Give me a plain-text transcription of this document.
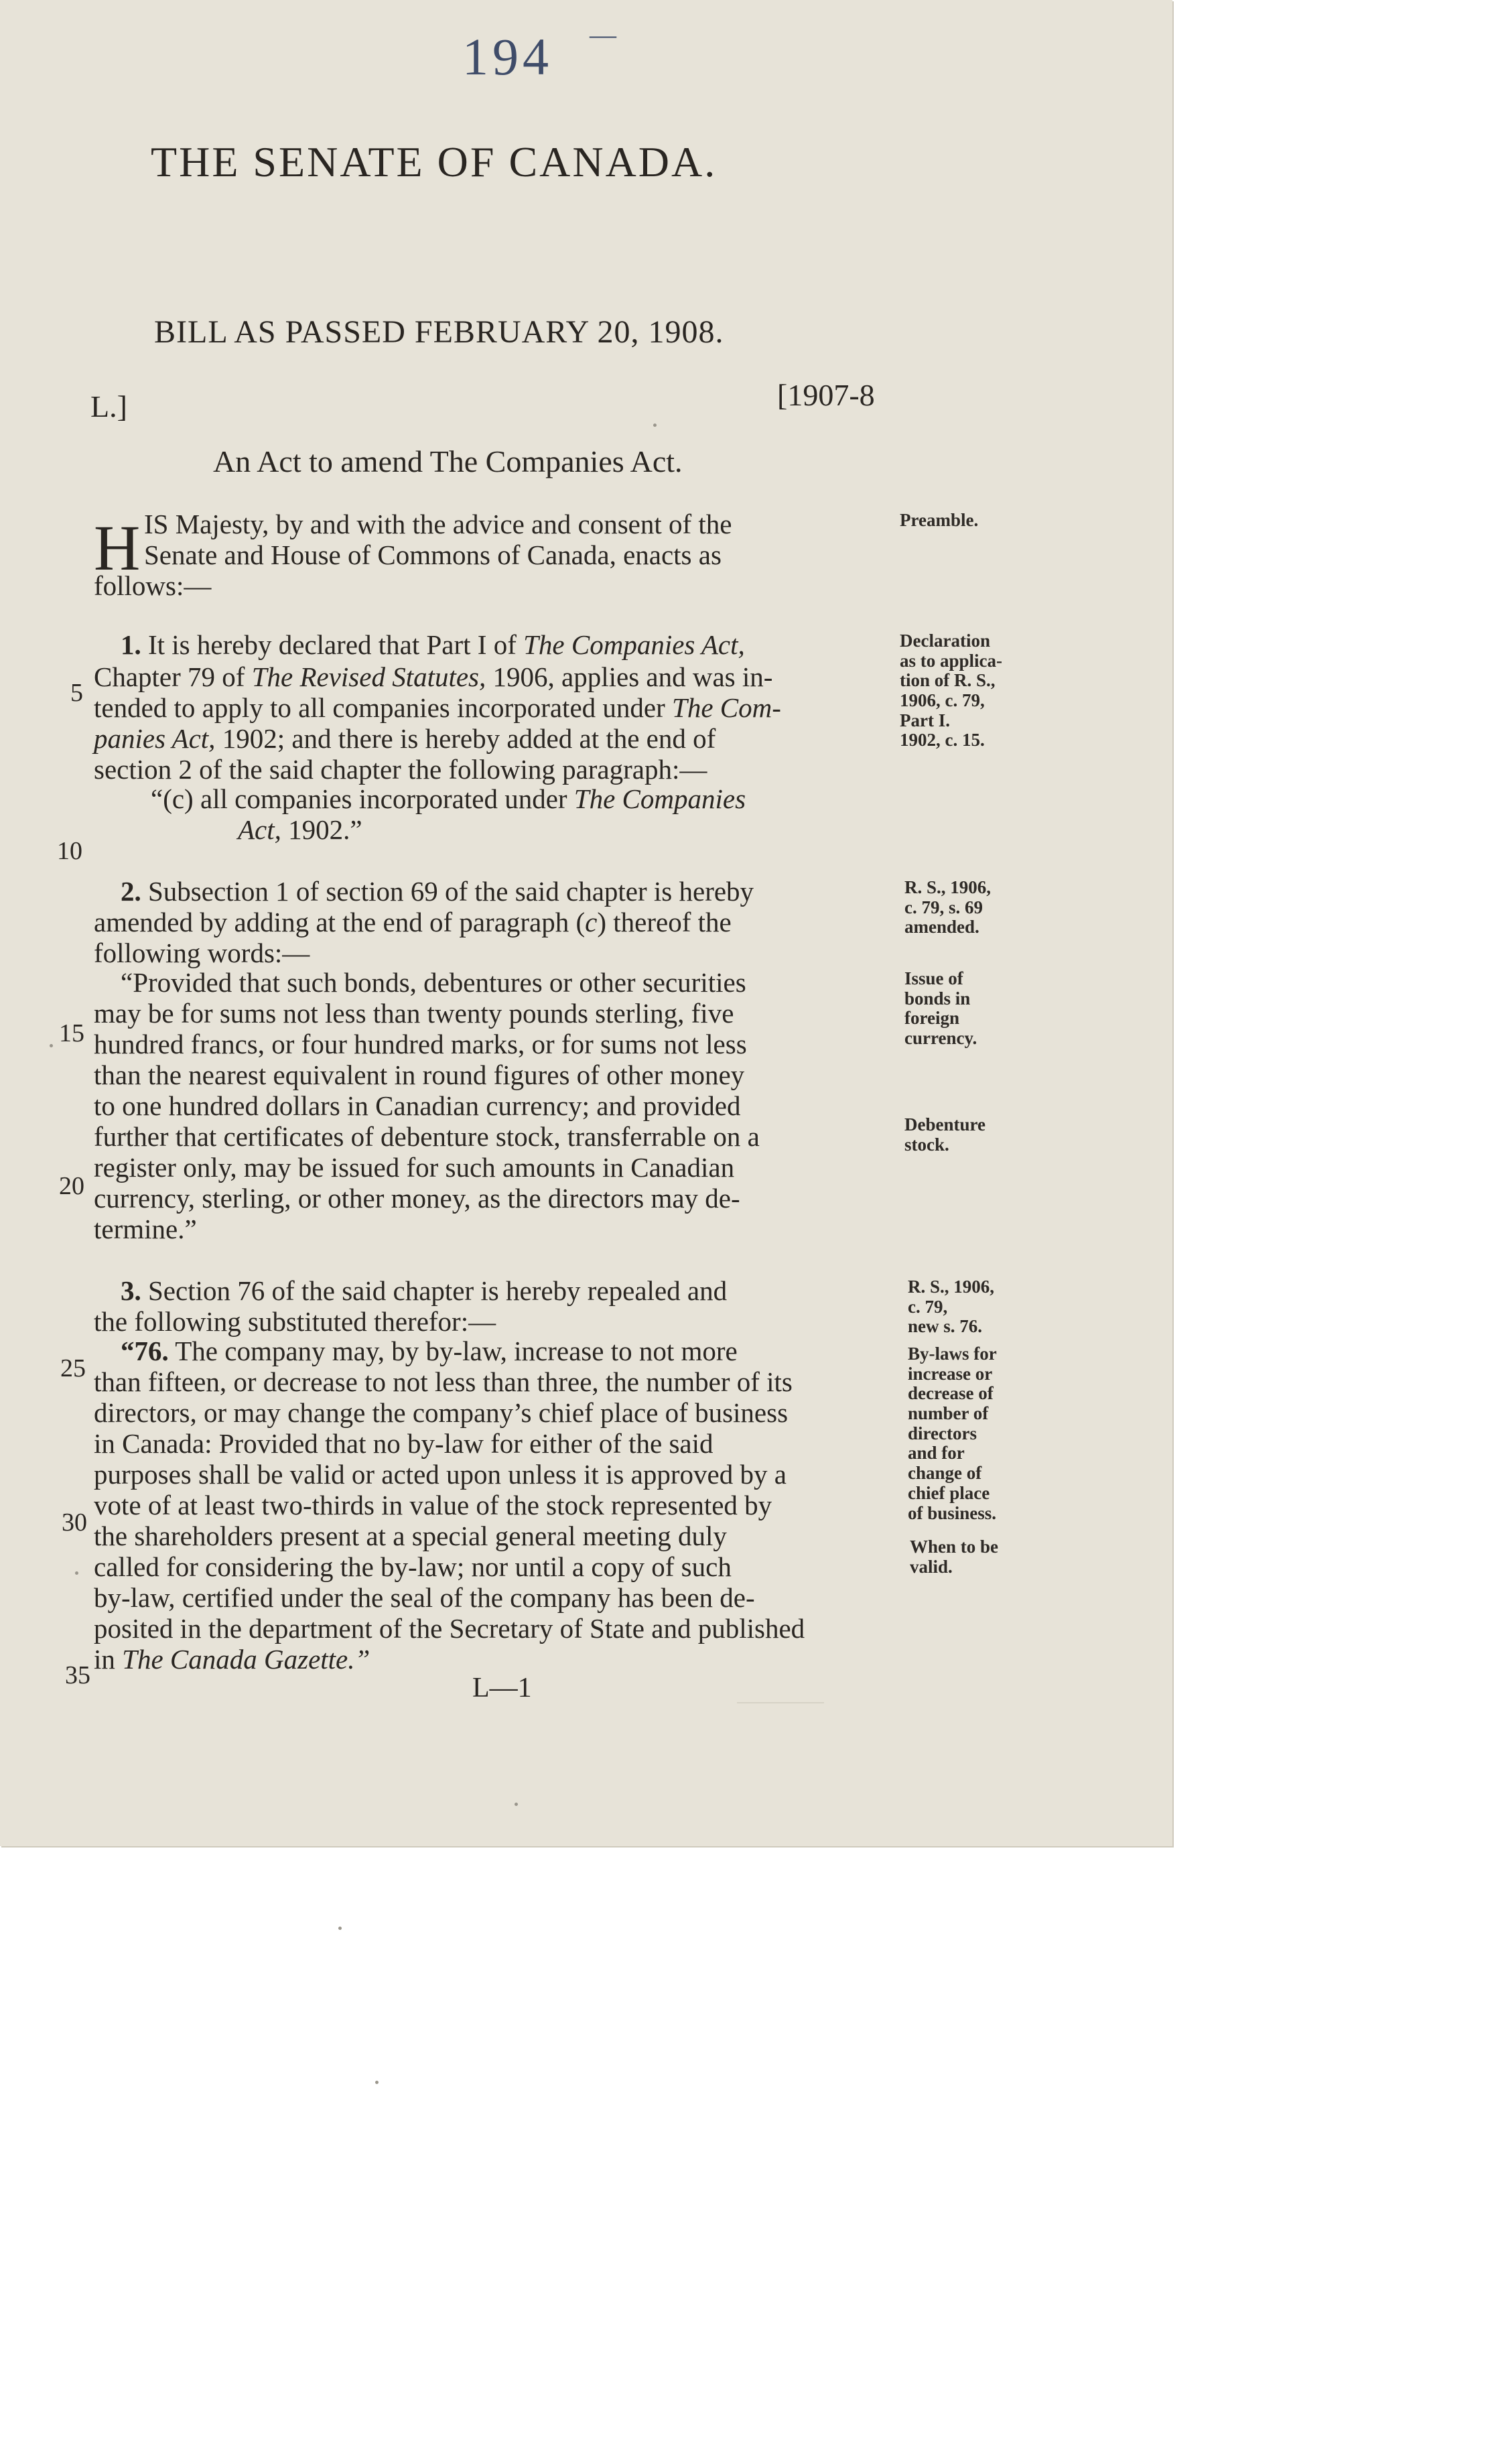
194 —
THE SENATE OF CANADA.
BILL AS PASSED FEBRUARY 20, 1908.
L.]	[1907-8
An Act to amend The Companies Act.
H IS Majesty, by and with the advice and consent of the
Senate and House of Commons of Canada, enacts as
follows:—
Preamble.
1. It is hereby declared that Part I of The Companies Act,
Chapter 79 of The Revised Statutes, 1906, applies and was in-
tended to apply to all companies incorporated under The Com-
panies Act, 1902; and there is hereby added at the end of
section 2 of the said chapter the following paragraph:—
“(c) all companies incorporated under The Companies
Act, 1902.”
Declaration
as to applica-
tion of R. S.,
1906, c. 79,
Part I.
1902, c. 15.
2. Subsection 1 of section 69 of the said chapter is hereby
amended by adding at the end of paragraph (c) thereof the
following words:—
“Provided that such bonds, debentures or other securities
may be for sums not less than twenty pounds sterling, five
hundred francs, or four hundred marks, or for sums not less
than the nearest equivalent in round figures of other money
to one hundred dollars in Canadian currency; and provided
further that certificates of debenture stock, transferrable on a
register only, may be issued for such amounts in Canadian
currency, sterling, or other money, as the directors may de-
termine.”
R. S., 1906,
c. 79, s. 69
amended.
Issue of
bonds in
foreign
currency.
Debenture
stock.
3. Section 76 of the said chapter is hereby repealed and
the following substituted therefor:—
“76. The company may, by by-law, increase to not more
than fifteen, or decrease to not less than three, the number of its
directors, or may change the company’s chief place of business
in Canada: Provided that no by-law for either of the said
purposes shall be valid or acted upon unless it is approved by a
vote of at least two-thirds in value of the stock represented by
the shareholders present at a special general meeting duly
called for considering the by-law; nor until a copy of such
by-law, certified under the seal of the company has been de-
posited in the department of the Secretary of State and published
in The Canada Gazette.”
R. S., 1906,
c. 79,
new s. 76.
By-laws for
increase or
decrease of
number of
directors
and for
change of
chief place
of business.
When to be
valid.
5
10
15
20
25
30
35	L—1
